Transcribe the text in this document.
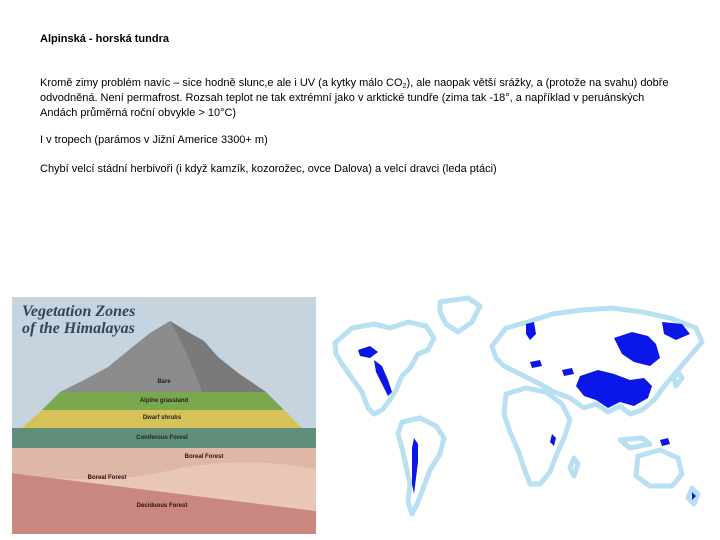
Alpinská - horská tundra
Kromě zimy problém navíc – sice hodně slunc,e ale i UV (a kytky málo $CO_2$), ale naopak větší srážky, a (protože na svahu) dobře odvodněná. Není permafrost. Rozsah teplot ne tak extrémní jako v arktické tundře (zima tak -18°, a například v peruánských Andách průměrná roční obvykle > 10°C)
I v tropech (parámos v Jižní Americe 3300+ m)
Chybí velcí stádní herbivoři (i když kamzík, kozorožec, ovce Dalova) a velcí dravci (leda ptáci)
Vegetation Zones
of the Himalayas
Bare
Alpine grassland
Dwarf shrubs
Coniferous Forest
Boreal Forest
Boreal Forest
Deciduous Forest
